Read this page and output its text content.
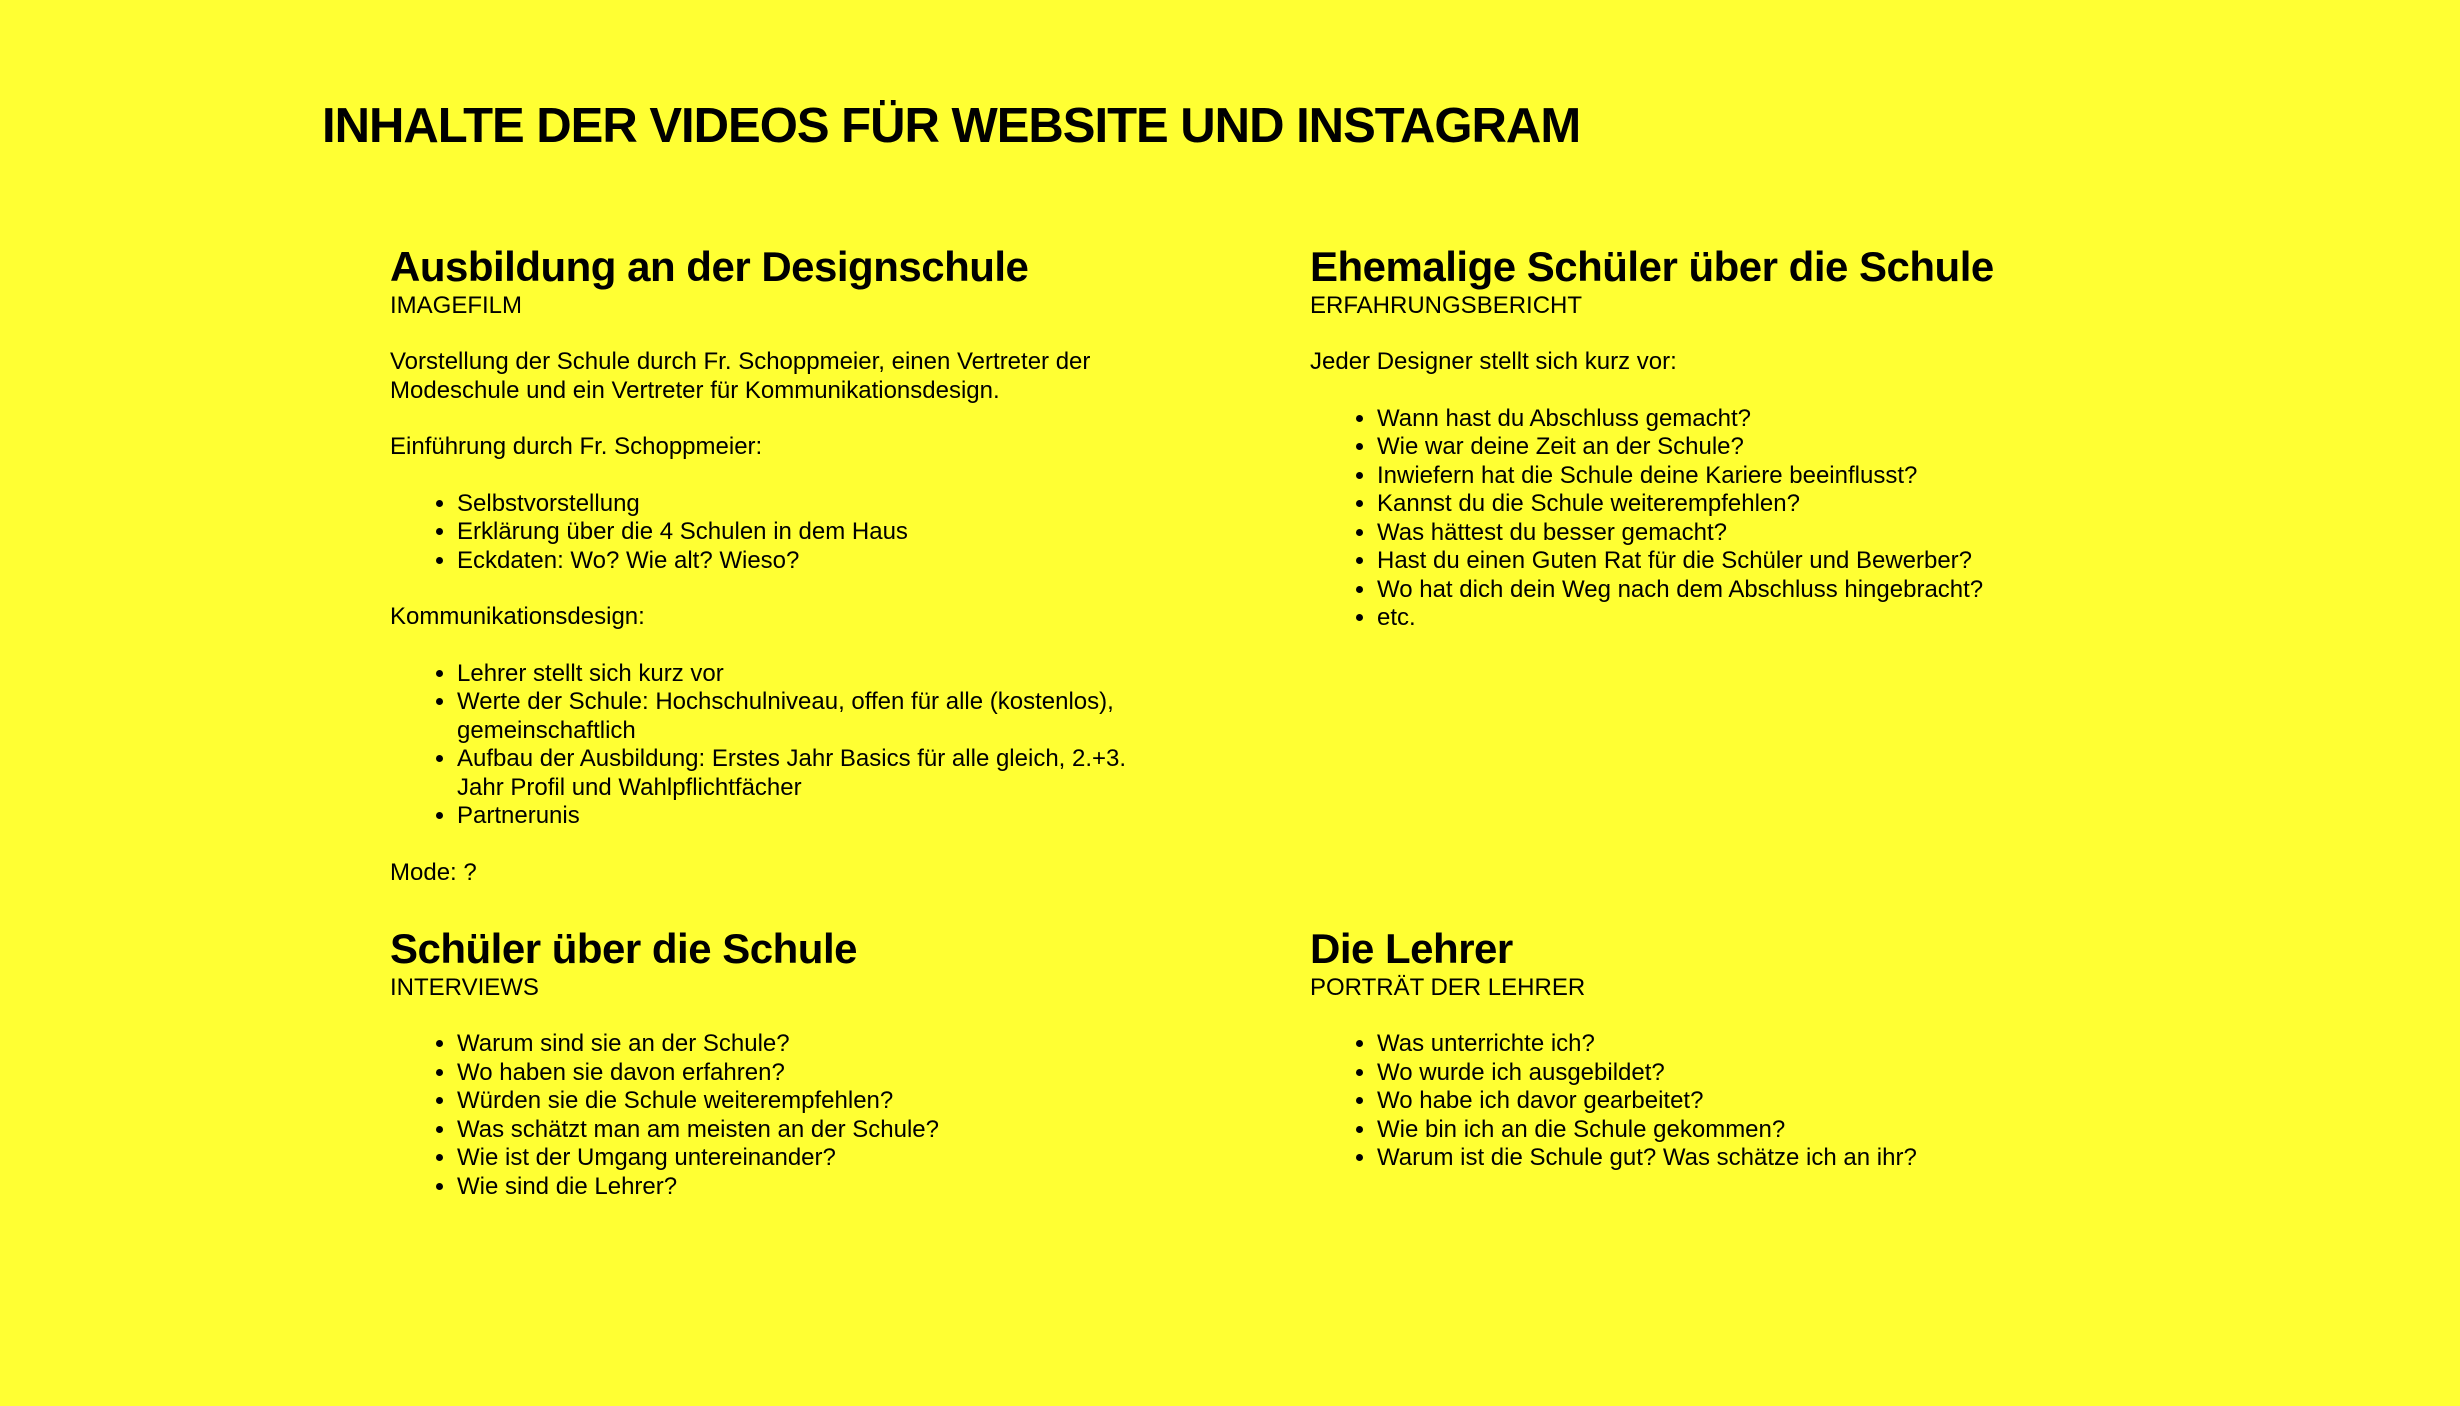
INHALTE DER VIDEOS FÜR WEBSITE UND INSTAGRAM
Ausbildung an der Designschule
IMAGEFILM

Vorstellung der Schule durch Fr. Schoppmeier, einen Vertreter der Modeschule und ein Vertreter für Kommunikationsdesign.

Einführung durch Fr. Schoppmeier:

• Selbstvorstellung
• Erklärung über die 4 Schulen in dem Haus
• Eckdaten: Wo? Wie alt? Wieso?

Kommunikationsdesign:

• Lehrer stellt sich kurz vor
• Werte der Schule: Hochschulniveau, offen für alle (kostenlos), gemeinschaftlich
• Aufbau der Ausbildung: Erstes Jahr Basics für alle gleich, 2.+3. Jahr Profil und Wahlpflichtfächer
• Partnerunis

Mode: ?

Ehemalige Schüler über die Schule
ERFAHRUNGSBERICHT

Jeder Designer stellt sich kurz vor:

• Wann hast du Abschluss gemacht?
• Wie war deine Zeit an der Schule?
• Inwiefern hat die Schule deine Kariere beeinflusst?
• Kannst du die Schule weiterempfehlen?
• Was hättest du besser gemacht?
• Hast du einen Guten Rat für die Schüler und Bewerber?
• Wo hat dich dein Weg nach dem Abschluss hingebracht?
• etc.
Schüler über die Schule
INTERVIEWS
• Warum sind sie an der Schule?
• Wo haben sie davon erfahren?
• Würden sie die Schule weiterempfehlen?
• Was schätzt man am meisten an der Schule?
• Wie ist der Umgang untereinander?
• Wie sind die Lehrer?
Die Lehrer
PORTRÄT DER LEHRER
• Was unterrichte ich?
• Wo wurde ich ausgebildet?
• Wo habe ich davor gearbeitet?
• Wie bin ich an die Schule gekommen?
• Warum ist die Schule gut? Was schätze ich an ihr?
